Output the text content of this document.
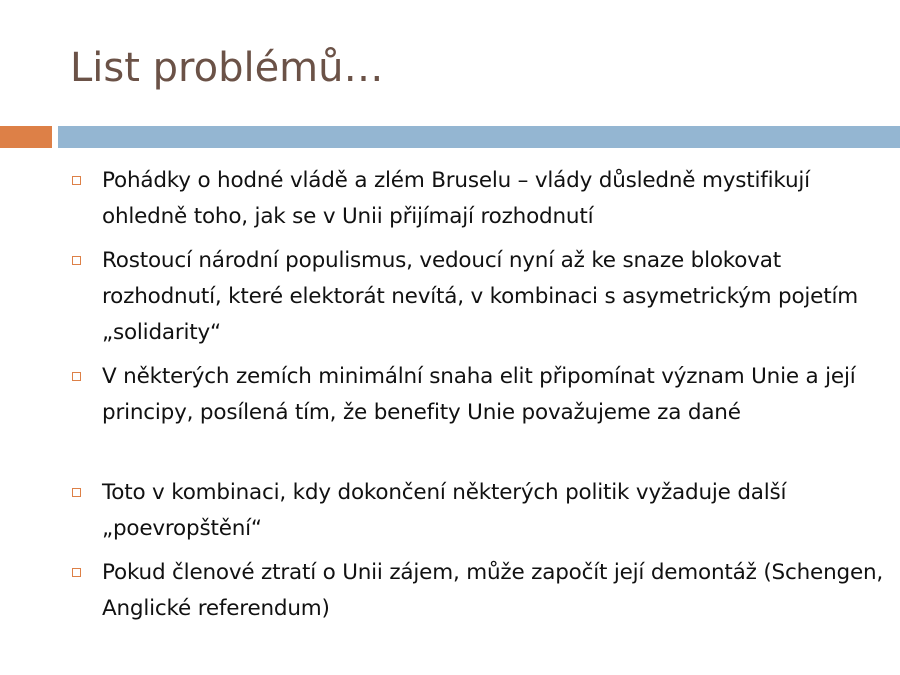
List problémů…
Pohádky o hodné vládě a zlém Bruselu – vlády důsledně mystifikují ohledně toho, jak se v Unii přijímají rozhodnutí
Rostoucí národní populismus, vedoucí nyní až ke snaze blokovat rozhodnutí, které elektorát nevítá, v kombinaci s asymetrickým pojetím „solidarity“
V některých zemích minimální snaha elit připomínat význam Unie a její principy, posílená tím, že benefity Unie považujeme za dané
Toto v kombinaci, kdy dokončení některých politik vyžaduje další „poevropštění“
Pokud členové ztratí o Unii zájem, může započít její demontáž (Schengen, Anglické referendum)
